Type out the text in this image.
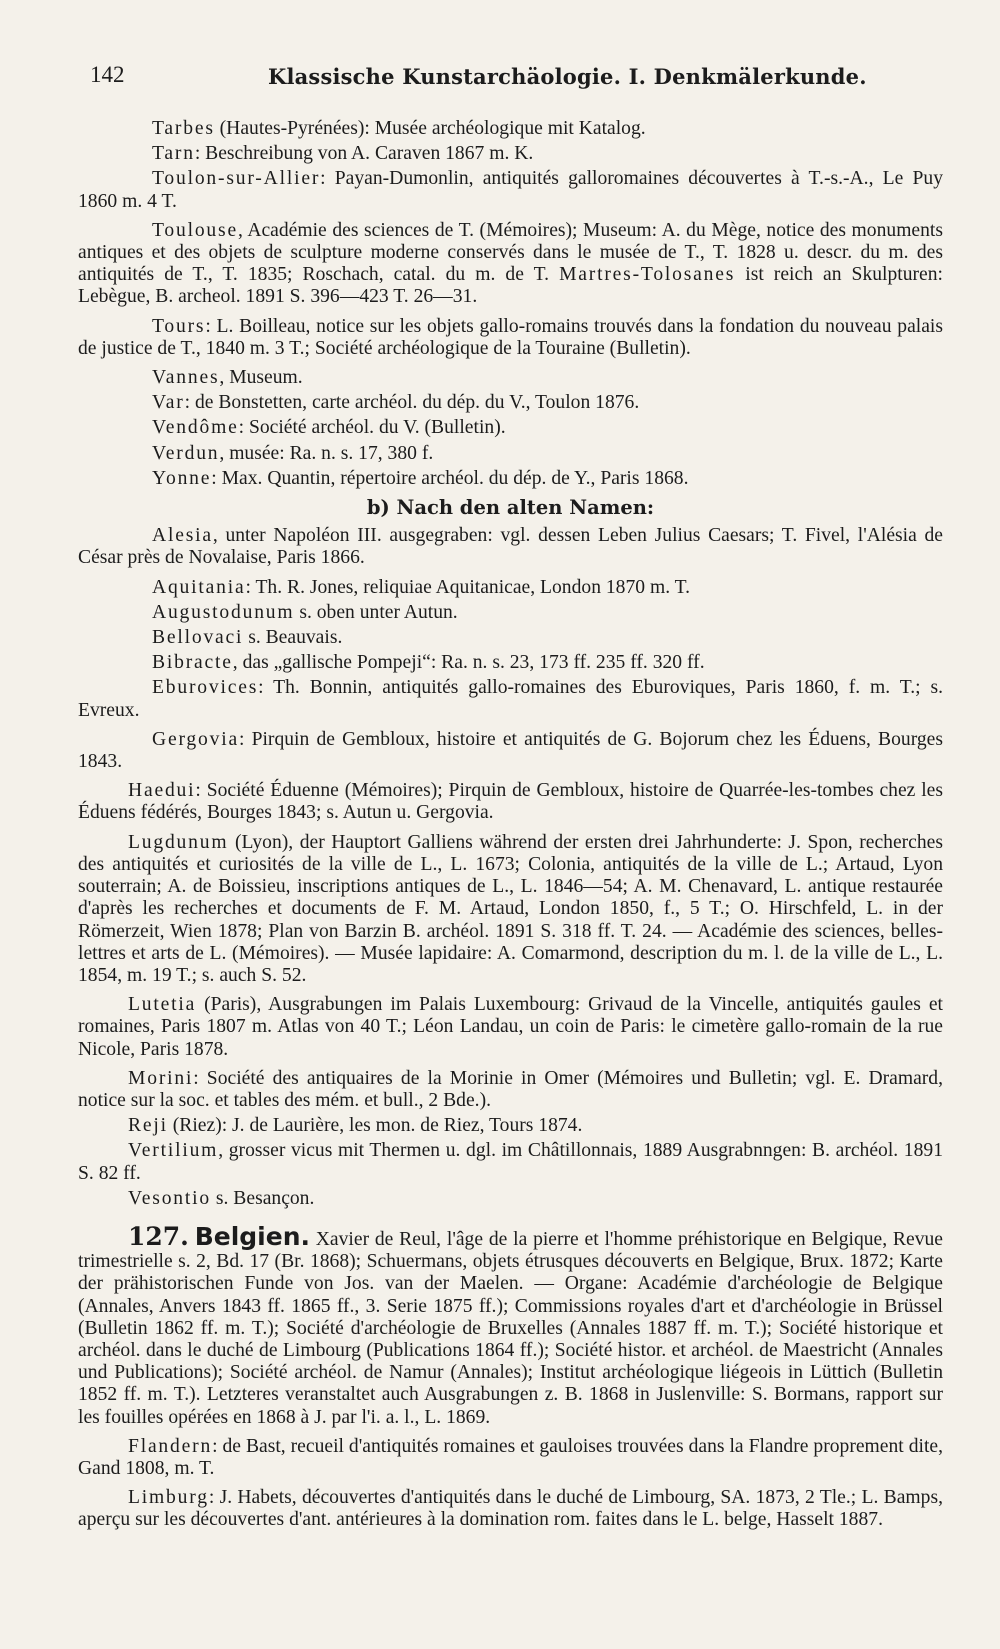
142	Klassische Kunstarchäologie. I. Denkmälerkunde.
Tarbes (Hautes-Pyrénées): Musée archéologique mit Katalog.
Tarn: Beschreibung von A. Caraven 1867 m. K.
Toulon-sur-Allier: Payan-Dumonlin, antiquités galloromaines découvertes à T.-s.-A., Le Puy 1860 m. 4 T.
Toulouse, Académie des sciences de T. (Mémoires); Museum: A. du Mège, notice des monuments antiques et des objets de sculpture moderne conservés dans le musée de T., T. 1828 u. descr. du m. des antiquités de T., T. 1835; Roschach, catal. du m. de T. Martres-Tolosanes ist reich an Skulpturen: Lebègue, B. archeol. 1891 S. 396—423 T. 26—31.
Tours: L. Boilleau, notice sur les objets gallo-romains trouvés dans la fondation du nouveau palais de justice de T., 1840 m. 3 T.; Société archéologique de la Touraine (Bulletin).
Vannes, Museum.
Var: de Bonstetten, carte archéol. du dép. du V., Toulon 1876.
Vendôme: Société archéol. du V. (Bulletin).
Verdun, musée: Ra. n. s. 17, 380 f.
Yonne: Max. Quantin, répertoire archéol. du dép. de Y., Paris 1868.
b) Nach den alten Namen:
Alesia, unter Napoléon III. ausgegraben: vgl. dessen Leben Julius Caesars; T. Fivel, l'Alésia de César près de Novalaise, Paris 1866.
Aquitania: Th. R. Jones, reliquiae Aquitanicae, London 1870 m. T.
Augustodunum s. oben unter Autun.
Bellovaci s. Beauvais.
Bibracte, das „gallische Pompeji“: Ra. n. s. 23, 173 ff. 235 ff. 320 ff.
Eburovices: Th. Bonnin, antiquités gallo-romaines des Eburoviques, Paris 1860, f. m. T.; s. Evreux.
Gergovia: Pirquin de Gembloux, histoire et antiquités de G. Bojorum chez les Éduens, Bourges 1843.
Haedui: Société Éduenne (Mémoires); Pirquin de Gembloux, histoire de Quarrée-les-tombes chez les Éduens fédérés, Bourges 1843; s. Autun u. Gergovia.
Lugdunum (Lyon), der Hauptort Galliens während der ersten drei Jahrhunderte: J. Spon, recherches des antiquités et curiosités de la ville de L., L. 1673; Colonia, antiquités de la ville de L.; Artaud, Lyon souterrain; A. de Boissieu, inscriptions antiques de L., L. 1846—54; A. M. Chenavard, L. antique restaurée d'après les recherches et documents de F. M. Artaud, London 1850, f., 5 T.; O. Hirschfeld, L. in der Römerzeit, Wien 1878; Plan von Barzin B. archéol. 1891 S. 318 ff. T. 24. — Académie des sciences, belles-lettres et arts de L. (Mémoires). — Musée lapidaire: A. Comarmond, description du m. l. de la ville de L., L. 1854, m. 19 T.; s. auch S. 52.
Lutetia (Paris), Ausgrabungen im Palais Luxembourg: Grivaud de la Vincelle, antiquités gaules et romaines, Paris 1807 m. Atlas von 40 T.; Léon Landau, un coin de Paris: le cimetère gallo-romain de la rue Nicole, Paris 1878.
Morini: Société des antiquaires de la Morinie in Omer (Mémoires und Bulletin; vgl. E. Dramard, notice sur la soc. et tables des mém. et bull., 2 Bde.).
Reji (Riez): J. de Laurière, les mon. de Riez, Tours 1874.
Vertilium, grosser vicus mit Thermen u. dgl. im Châtillonnais, 1889 Ausgrabnngen: B. archéol. 1891 S. 82 ff.
Vesontio s. Besançon.
127. Belgien. Xavier de Reul, l'âge de la pierre et l'homme préhistorique en Belgique, Revue trimestrielle s. 2, Bd. 17 (Br. 1868); Schuermans, objets étrusques découverts en Belgique, Brux. 1872; Karte der prähistorischen Funde von Jos. van der Maelen. — Organe: Académie d'archéologie de Belgique (Annales, Anvers 1843 ff. 1865 ff., 3. Serie 1875 ff.); Commissions royales d'art et d'archéologie in Brüssel (Bulletin 1862 ff. m. T.); Société d'archéologie de Bruxelles (Annales 1887 ff. m. T.); Société historique et archéol. dans le duché de Limbourg (Publications 1864 ff.); Société histor. et archéol. de Maestricht (Annales und Publications); Société archéol. de Namur (Annales); Institut archéologique liégeois in Lüttich (Bulletin 1852 ff. m. T.). Letzteres veranstaltet auch Ausgrabungen z. B. 1868 in Juslenville: S. Bormans, rapport sur les fouilles opérées en 1868 à J. par l'i. a. l., L. 1869.
Flandern: de Bast, recueil d'antiquités romaines et gauloises trouvées dans la Flandre proprement dite, Gand 1808, m. T.
Limburg: J. Habets, découvertes d'antiquités dans le duché de Limbourg, SA. 1873, 2 Tle.; L. Bamps, aperçu sur les découvertes d'ant. antérieures à la domination rom. faites dans le L. belge, Hasselt 1887.
